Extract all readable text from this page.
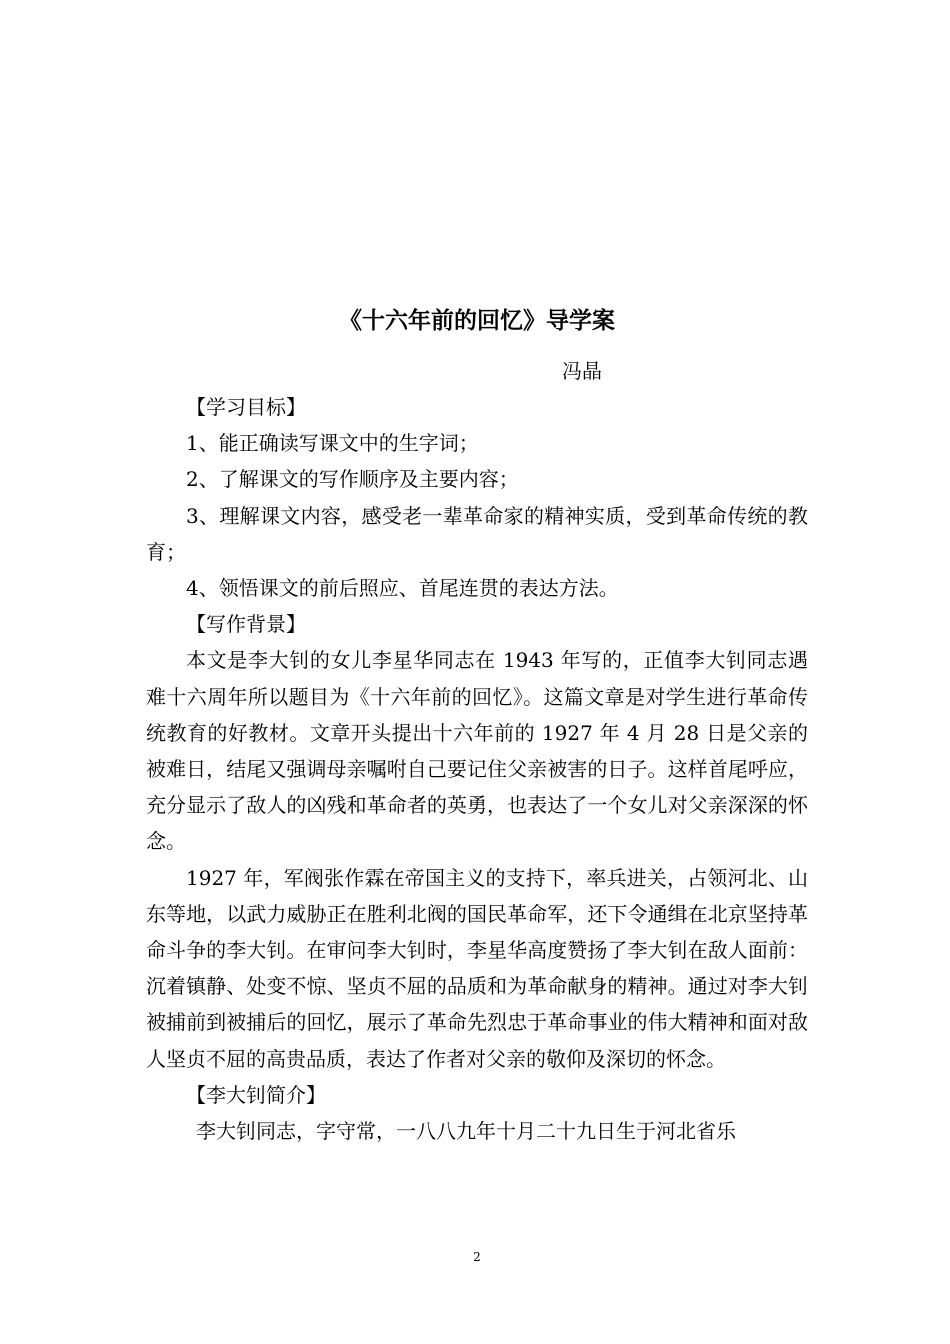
《十六年前的回忆》导学案
冯晶

【学习目标】

1、能正确读写课文中的生字词；

2、了解课文的写作顺序及主要内容；

3、理解课文内容，感受老一辈革命家的精神实质，受到革命传统的教育；

4、领悟课文的前后照应、首尾连贯的表达方法。

【写作背景】

本文是李大钊的女儿李星华同志在 1943 年写的，正值李大钊同志遇难十六周年所以题目为《十六年前的回忆》。这篇文章是对学生进行革命传统教育的好教材。文章开头提出十六年前的 1927 年 4 月 28 日是父亲的被难日，结尾又强调母亲嘱咐自己要记住父亲被害的日子。这样首尾呼应，充分显示了敌人的凶残和革命者的英勇，也表达了一个女儿对父亲深深的怀念。

1927 年，军阀张作霖在帝国主义的支持下，率兵进关，占领河北、山东等地，以武力威胁正在胜利北阀的国民革命军，还下令通缉在北京坚持革命斗争的李大钊。在审问李大钊时，李星华高度赞扬了李大钊在敌人面前：沉着镇静、处变不惊、坚贞不屈的品质和为革命献身的精神。通过对李大钊被捕前到被捕后的回忆，展示了革命先烈忠于革命事业的伟大精神和面对敌人坚贞不屈的高贵品质，表达了作者对父亲的敬仰及深切的怀念。

【李大钊简介】

李大钊同志，字守常，一八八九年十月二十九日生于河北省乐

2
